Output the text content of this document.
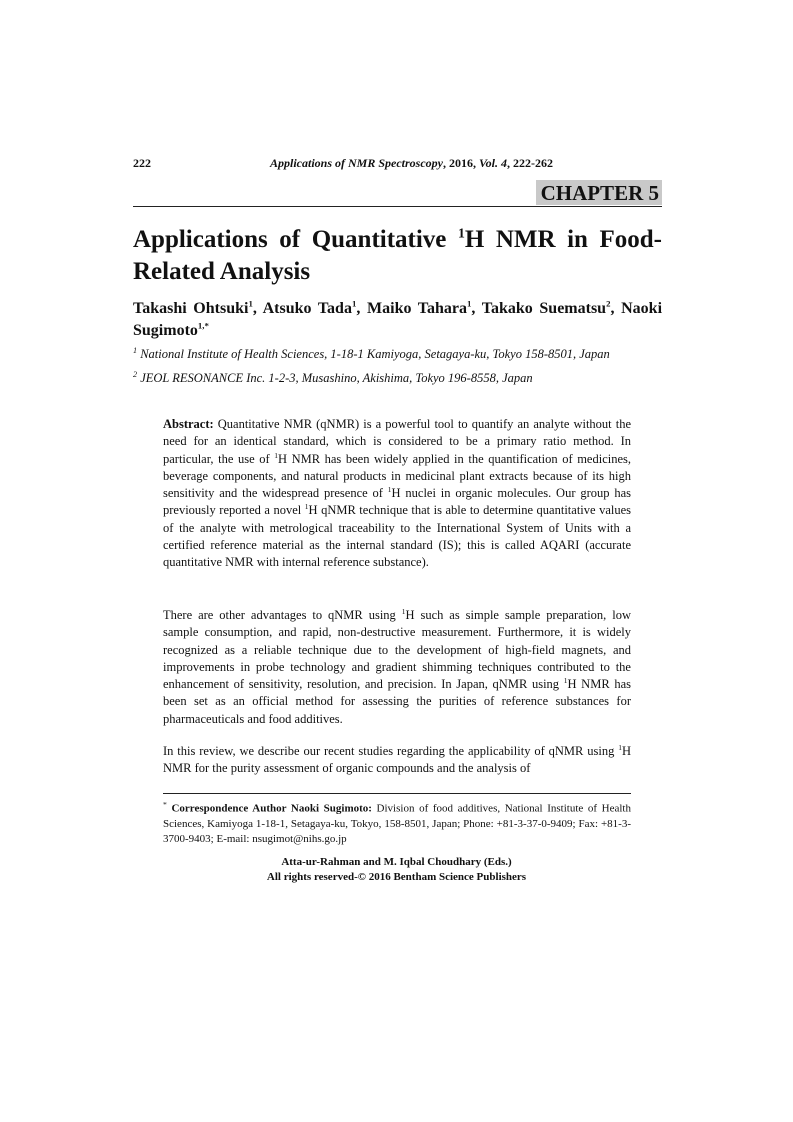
222	Applications of NMR Spectroscopy, 2016, Vol. 4, 222-262
CHAPTER 5
Applications of Quantitative $^1$H NMR in Food-Related Analysis
Takashi Ohtsuki$^1$, Atsuko Tada$^1$, Maiko Tahara$^1$, Takako Suematsu$^2$, Naoki Sugimoto$^{1,*}$
$^1$ National Institute of Health Sciences, 1-18-1 Kamiyoga, Setagaya-ku, Tokyo 158-8501, Japan
$^2$ JEOL RESONANCE Inc. 1-2-3, Musashino, Akishima, Tokyo 196-8558, Japan

Abstract: Quantitative NMR (qNMR) is a powerful tool to quantify an analyte without the need for an identical standard, which is considered to be a primary ratio method. In particular, the use of $^1$H NMR has been widely applied in the quantification of medicines, beverage components, and natural products in medicinal plant extracts because of its high sensitivity and the widespread presence of $^1$H nuclei in organic molecules. Our group has previously reported a novel $^1$H qNMR technique that is able to determine quantitative values of the analyte with metrological traceability to the International System of Units with a certified reference material as the internal standard (IS); this is called AQARI (accurate quantitative NMR with internal reference substance).

There are other advantages to qNMR using $^1$H such as simple sample preparation, low sample consumption, and rapid, non-destructive measurement. Furthermore, it is widely recognized as a reliable technique due to the development of high-field magnets, and improvements in probe technology and gradient shimming techniques contributed to the enhancement of sensitivity, resolution, and precision. In Japan, qNMR using $^1$H NMR has been set as an official method for assessing the purities of reference substances for pharmaceuticals and food additives.

In this review, we describe our recent studies regarding the applicability of qNMR using $^1$H NMR for the purity assessment of organic compounds and the analysis of

* Correspondence Author Naoki Sugimoto: Division of food additives, National Institute of Health Sciences, Kamiyoga 1-18-1, Setagaya-ku, Tokyo, 158-8501, Japan; Phone: +81-3-37-0-9409; Fax: +81-3-3700-9403; E-mail: nsugimot@nihs.go.jp
Atta-ur-Rahman and M. Iqbal Choudhary (Eds.)
All rights reserved-© 2016 Bentham Science Publishers
